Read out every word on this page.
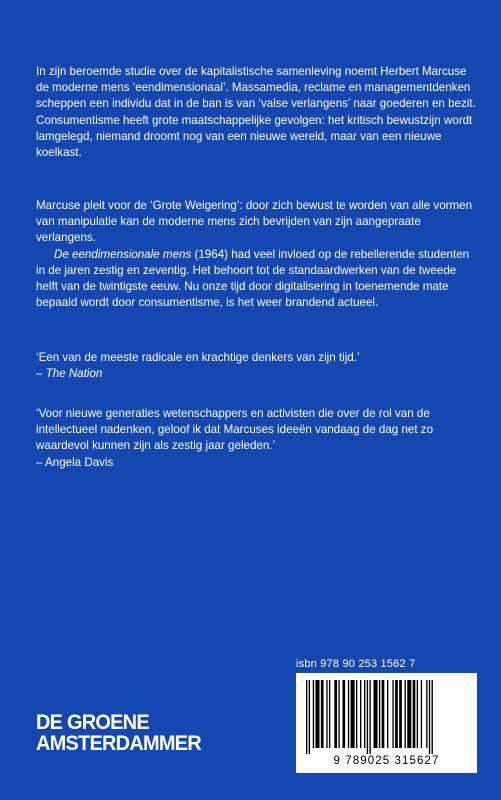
In zijn beroemde studie over de kapitalistische samenleving noemt Herbert Marcuse de moderne mens ‘eendimensionaal’. Massamedia, reclame en managementdenken scheppen een individu dat in de ban is van ‘valse verlangens’ naar goederen en bezit. Consumentisme heeft grote maatschappelijke gevolgen: het kritisch bewustzijn wordt lamgelegd, niemand droomt nog van een nieuwe wereld, maar van een nieuwe koelkast.

Marcuse pleit voor de ‘Grote Weigering’: door zich bewust te worden van alle vormen van manipulatie kan de moderne mens zich bevrijden van zijn aangepraate verlangens.

De eendimensionale mens (1964) had veel invloed op de rebellerende studenten in de jaren zestig en zeventig. Het behoort tot de standaardwerken van de tweede helft van de twintigste eeuw. Nu onze tijd door digitalisering in toenemende mate bepaald wordt door consumentisme, is het weer brandend actueel.

‘Een van de meeste radicale en krachtige denkers van zijn tijd.’

– The Nation

‘Voor nieuwe generaties wetenschappers en activisten die over de rol van de intellectueel nadenken, geloof ik dat Marcuses ideeën vandaag de dag net zo waardevol kunnen zijn als zestig jaar geleden.’

– Angela Davis

DE GROENE
AMSTERDAMMER
isbn 978 90 253 1562 7
9 789025 315627
